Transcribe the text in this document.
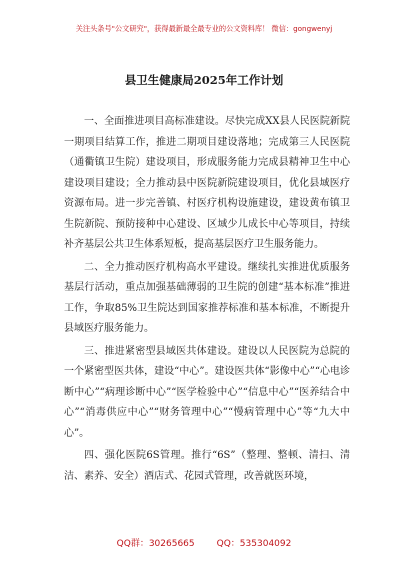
关注头条号"公文研究"，获得最新最全最专业的公文资料库！ 微信：gongwenyj
县卫生健康局2025年工作计划

一、全面推进项目高标准建设。尽快完成XX县人民医院新院一期项目结算工作，推进二期项目建设落地；完成第三人民医院（通衢镇卫生院）建设项目，形成服务能力完成县精神卫生中心建设项目建设；全力推动县中医院新院建设项目，优化县域医疗资源布局。进一步完善镇、村医疗机构设施建设，建设黄布镇卫生院新院、预防接种中心建设、区域少儿成长中心等项目，持续补齐基层公共卫生体系短板，提高基层医疗卫生服务能力。

二、全力推动医疗机构高水平建设。继续扎实推进优质服务基层行活动，重点加强基础薄弱的卫生院的创建“基本标准”推进工作，争取85%卫生院达到国家推荐标准和基本标准，不断提升县域医疗服务能力。

三、推进紧密型县域医共体建设。建设以人民医院为总院的一个紧密型医共体，建设“中心”。建设医共体“影像中心”“心电诊断中心”“病理诊断中心”“医学检验中心”“信息中心”“医养结合中心”“消毒供应中心”“财务管理中心”“慢病管理中心”等“九大中心”。

四、强化医院6S管理。推行“6S”（整理、整顿、清扫、清洁、素养、安全）酒店式、花园式管理，改善就医环境，

QQ群：30265665 QQ：535304092
